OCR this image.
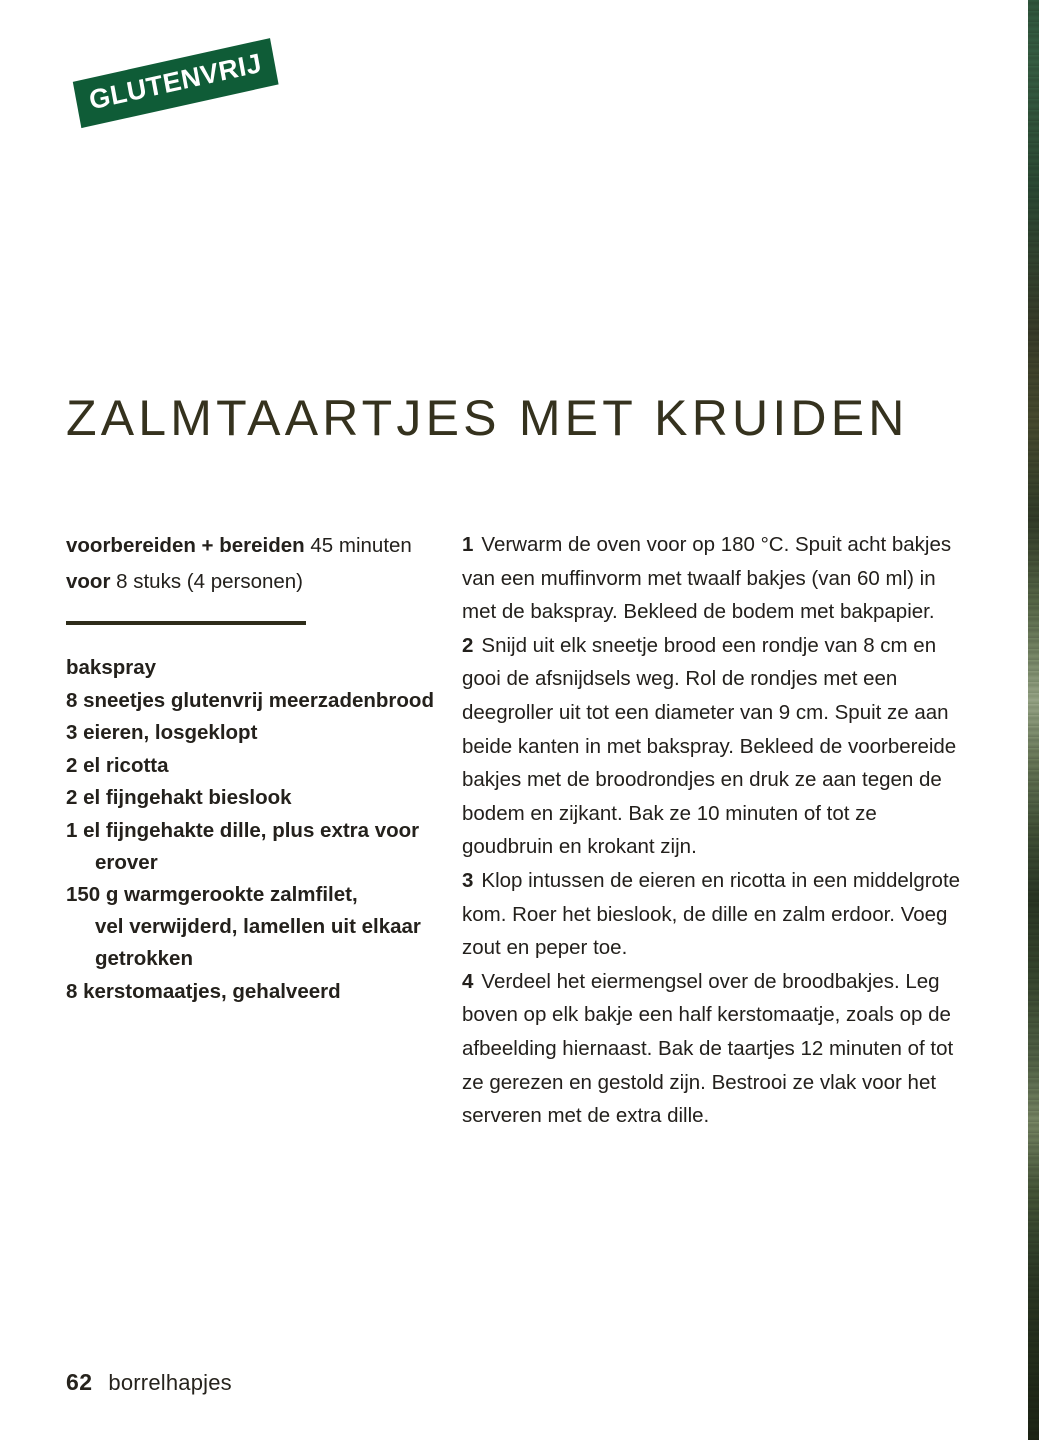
GLUTENVRIJ
ZALMTAARTJES MET KRUIDEN
voorbereiden + bereiden 45 minuten
voor 8 stuks (4 personen)
bakspray
8 sneetjes glutenvrij meerzadenbrood
3 eieren, losgeklopt
2 el ricotta
2 el fijngehakt bieslook
1 el fijngehakte dille, plus extra voor
erover
150 g warmgerookte zalmfilet,
vel verwijderd, lamellen uit elkaar
getrokken
8 kerstomaatjes, gehalveerd

1 Verwarm de oven voor op 180 °C. Spuit acht bakjes van een muffinvorm met twaalf bakjes (van 60 ml) in met de bakspray. Bekleed de bodem met bakpapier.

2 Snijd uit elk sneetje brood een rondje van 8 cm en gooi de afsnijdsels weg. Rol de rondjes met een deegroller uit tot een diameter van 9 cm. Spuit ze aan beide kanten in met bakspray. Bekleed de voorbereide bakjes met de broodrondjes en druk ze aan tegen de bodem en zijkant. Bak ze 10 minuten of tot ze goudbruin en krokant zijn.

3 Klop intussen de eieren en ricotta in een middelgrote kom. Roer het bieslook, de dille en zalm erdoor. Voeg zout en peper toe.

4 Verdeel het eiermengsel over de broodbakjes. Leg boven op elk bakje een half kerstomaatje, zoals op de afbeelding hiernaast. Bak de taartjes 12 minuten of tot ze gerezen en gestold zijn. Bestrooi ze vlak voor het serveren met de extra dille.

62 borrelhapjes
